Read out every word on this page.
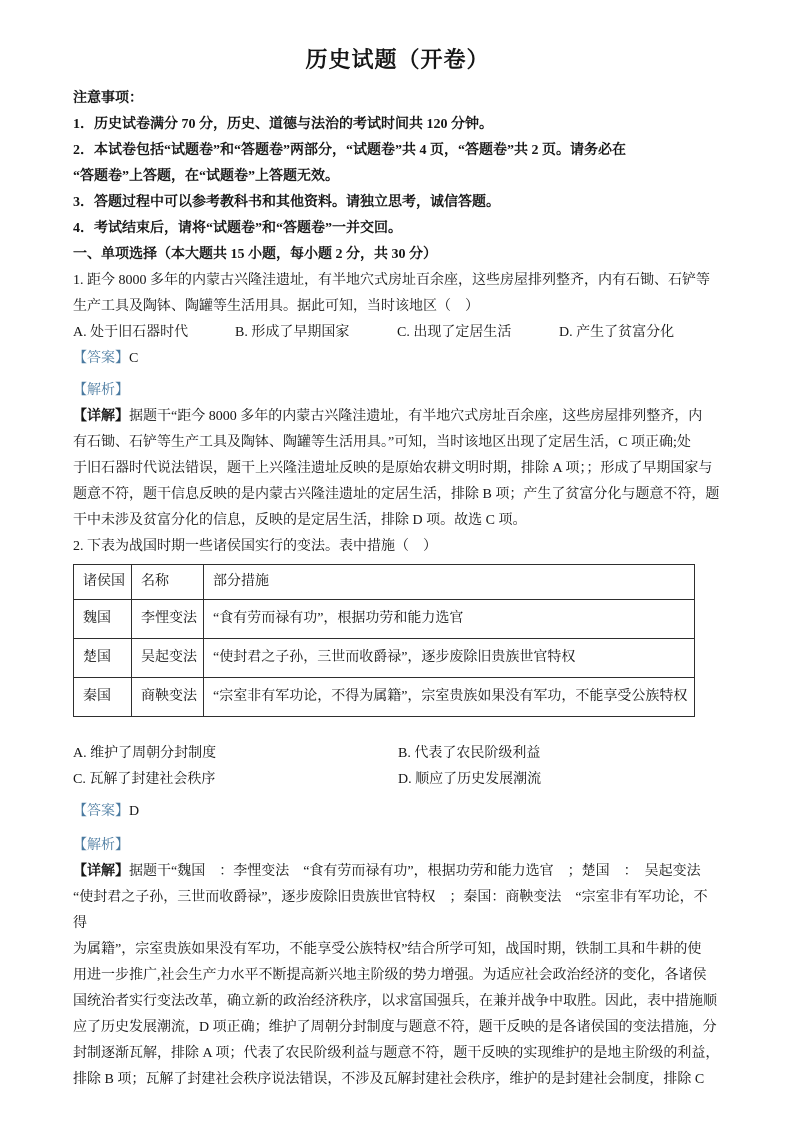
历史试题（开卷）
注意事项：
1．历史试卷满分 70 分，历史、道德与法治的考试时间共 120 分钟。
2．本试卷包括“试题卷”和“答题卷”两部分，“试题卷”共 4 页，“答题卷”共 2 页。请务必在
“答题卷”上答题，在“试题卷”上答题无效。
3．答题过程中可以参考教科书和其他资料。请独立思考，诚信答题。
4．考试结束后，请将“试题卷”和“答题卷”一并交回。
一、单项选择（本大题共 15 小题，每小题 2 分，共 30 分）
1. 距今 8000 多年的内蒙古兴隆洼遗址，有半地穴式房址百余座，这些房屋排列整齐，内有石锄、石铲等
生产工具及陶钵、陶罐等生活用具。据此可知，当时该地区（　）
A. 处于旧石器时代	B. 形成了早期国家	C. 出现了定居生活	D. 产生了贫富分化
【答案】C
【解析】
【详解】据题干“距今 8000 多年的内蒙古兴隆洼遗址，有半地穴式房址百余座，这些房屋排列整齐，内
有石锄、石铲等生产工具及陶钵、陶罐等生活用具。”可知，当时该地区出现了定居生活，C 项正确;处
于旧石器时代说法错误，题干上兴隆洼遗址反映的是原始农耕文明时期，排除 A 项；；形成了早期国家与
题意不符，题干信息反映的是内蒙古兴隆洼遗址的定居生活，排除 B 项；产生了贫富分化与题意不符，题
干中未涉及贫富分化的信息，反映的是定居生活，排除 D 项。故选 C 项。
2. 下表为战国时期一些诸侯国实行的变法。表中措施（　）
诸侯国	名称	部分措施
魏国	李悝变法	“食有劳而禄有功”，根据功劳和能力选官
楚国	吴起变法	“使封君之子孙，三世而收爵禄”，逐步废除旧贵族世官特权
秦国	商鞅变法	“宗室非有军功论，不得为属籍”，宗室贵族如果没有军功，不能享受公族特权
A. 维护了周朝分封制度	B. 代表了农民阶级利益
C. 瓦解了封建社会秩序	D. 顺应了历史发展潮流
【答案】D
【解析】
【详解】据题干“魏国　：李悝变法　“食有劳而禄有功”，根据功劳和能力选官　；楚国　：　吴起变法
“使封君之子孙，三世而收爵禄”，逐步废除旧贵族世官特权　；秦国：商鞅变法　“宗室非有军功论，不
得
为属籍”，宗室贵族如果没有军功，不能享受公族特权”结合所学可知，战国时期，铁制工具和牛耕的使
用进一步推广,社会生产力水平不断提高新兴地主阶级的势力增强。为适应社会政治经济的变化，各诸侯
国统治者实行变法改革，确立新的政治经济秩序，以求富国强兵，在兼并战争中取胜。因此，表中措施顺
应了历史发展潮流，D 项正确；维护了周朝分封制度与题意不符，题干反映的是各诸侯国的变法措施，分
封制逐渐瓦解，排除 A 项；代表了农民阶级利益与题意不符，题干反映的实现维护的是地主阶级的利益，
排除 B 项；瓦解了封建社会秩序说法错误，不涉及瓦解封建社会秩序，维护的是封建社会制度，排除 C
